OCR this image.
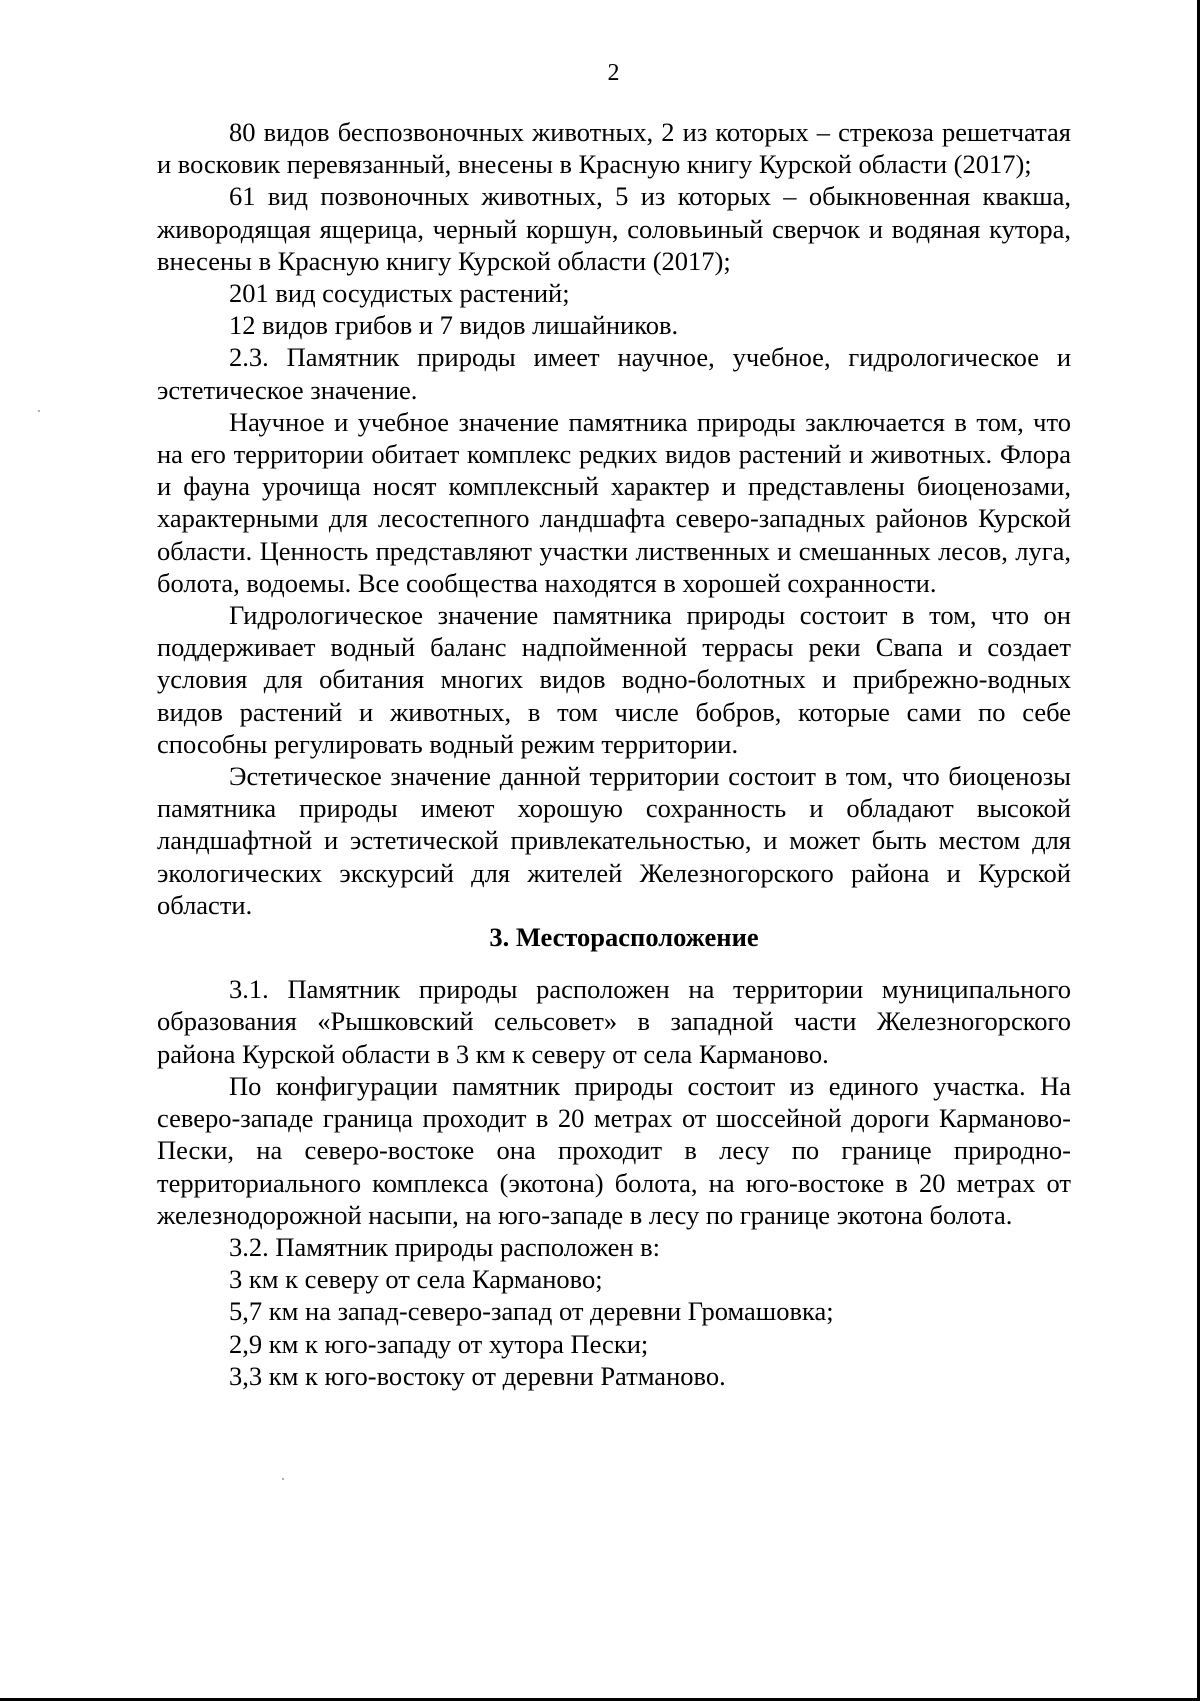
2

80 видов беспозвоночных животных, 2 из которых – стрекоза решетчатая и восковик перевязанный, внесены в Красную книгу Курской области (2017);

61 вид позвоночных животных, 5 из которых – обыкновенная квакша, живородящая ящерица, черный коршун, соловьиный сверчок и водяная кутора, внесены в Красную книгу Курской области (2017);

201 вид сосудистых растений;

12 видов грибов и 7 видов лишайников.

2.3. Памятник природы имеет научное, учебное, гидрологическое и эстетическое значение.

Научное и учебное значение памятника природы заключается в том, что на его территории обитает комплекс редких видов растений и животных. Флора и фауна урочища носят комплексный характер и представлены биоценозами, характерными для лесостепного ландшафта северо-западных районов Курской области. Ценность представляют участки лиственных и смешанных лесов, луга, болота, водоемы. Все сообщества находятся в хорошей сохранности.

Гидрологическое значение памятника природы состоит в том, что он поддерживает водный баланс надпойменной террасы реки Свапа и создает условия для обитания многих видов водно-болотных и прибрежно-водных видов растений и животных, в том числе бобров, которые сами по себе способны регулировать водный режим территории.

Эстетическое значение данной территории состоит в том, что биоценозы памятника природы имеют хорошую сохранность и обладают высокой ландшафтной и эстетической привлекательностью, и может быть местом для экологических экскурсий для жителей Железногорского района и Курской области.

3. Месторасположение

3.1. Памятник природы расположен на территории муниципального образования «Рышковский сельсовет» в западной части Железногорского района Курской области в 3 км к северу от села Карманово.

По конфигурации памятник природы состоит из единого участка. На северо-западе граница проходит в 20 метрах от шоссейной дороги Карманово-Пески, на северо-востоке она проходит в лесу по границе природно-территориального комплекса (экотона) болота, на юго-востоке в 20 метрах от железнодорожной насыпи, на юго-западе в лесу по границе экотона болота.

3.2. Памятник природы расположен в:

3 км к северу от села Карманово;

5,7 км на запад-северо-запад от деревни Громашовка;

2,9 км к юго-западу от хутора Пески;

3,3 км к юго-востоку от деревни Ратманово.
